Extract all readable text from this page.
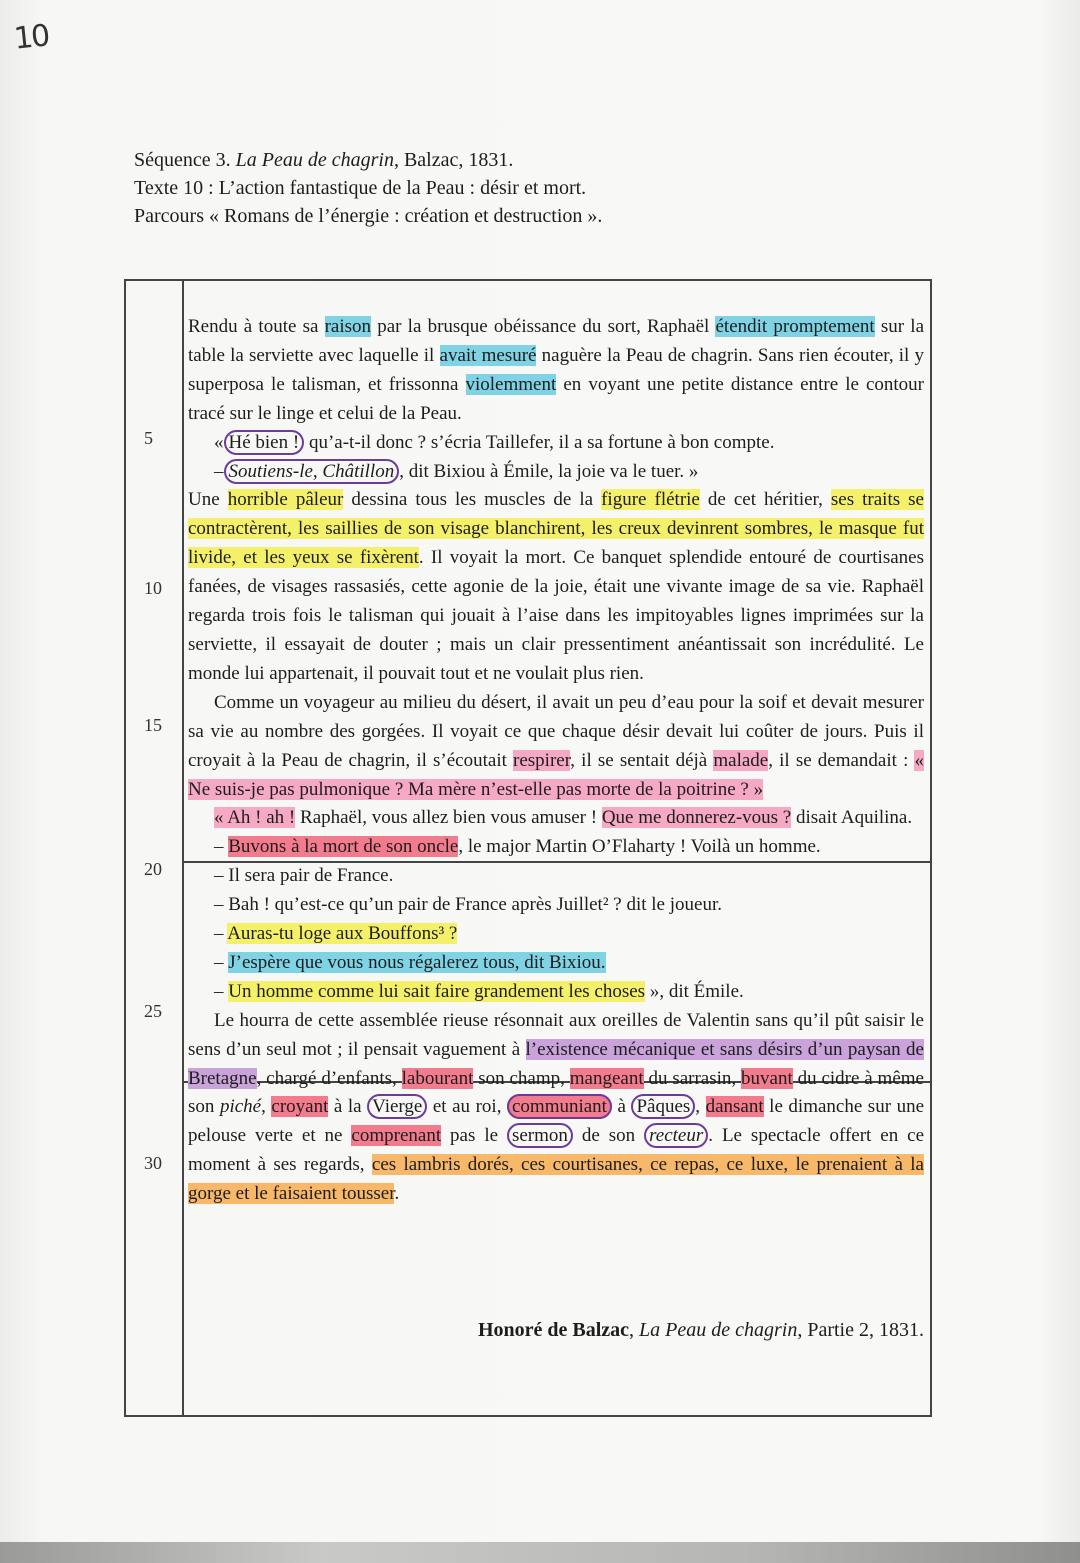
10
Séquence 3. La Peau de chagrin, Balzac, 1831.
Texte 10 : L’action fantastique de la Peau : désir et mort.
Parcours « Romans de l’énergie : création et destruction ».
5
10
15
20
25
30

Rendu à toute sa raison par la brusque obéissance du sort, Raphaël étendit promptement sur la table la serviette avec laquelle il avait mesuré naguère la Peau de chagrin. Sans rien écouter, il y superposa le talisman, et frissonna violemment en voyant une petite distance entre le contour tracé sur le linge et celui de la Peau.

« Hé bien ! qu’a-t-il donc ? s’écria Taillefer, il a sa fortune à bon compte.

– Soutiens-le, Châtillon , dit Bixiou à Émile, la joie va le tuer. »

Une horrible pâleur dessina tous les muscles de la figure flétrie de cet héritier, ses traits se contractèrent, les saillies de son visage blanchirent, les creux devinrent sombres, le masque fut livide, et les yeux se fixèrent. Il voyait la mort. Ce banquet splendide entouré de courtisanes fanées, de visages rassasiés, cette agonie de la joie, était une vivante image de sa vie. Raphaël regarda trois fois le talisman qui jouait à l’aise dans les impitoyables lignes imprimées sur la serviette, il essayait de douter ; mais un clair pressentiment anéantissait son incrédulité. Le monde lui appartenait, il pouvait tout et ne voulait plus rien.

Comme un voyageur au milieu du désert, il avait un peu d’eau pour la soif et devait mesurer sa vie au nombre des gorgées. Il voyait ce que chaque désir devait lui coûter de jours. Puis il croyait à la Peau de chagrin, il s’écoutait respirer, il se sentait déjà malade, il se demandait : « Ne suis-je pas pulmonique ? Ma mère n’est-elle pas morte de la poitrine ? »

« Ah ! ah ! Raphaël, vous allez bien vous amuser ! Que me donnerez-vous ? disait Aquilina.

– Buvons à la mort de son oncle, le major Martin O’Flaharty ! Voilà un homme.

– Il sera pair de France.

– Bah ! qu’est-ce qu’un pair de France après Juillet² ? dit le joueur.

– Auras-tu loge aux Bouffons³ ?

– J’espère que vous nous régalerez tous, dit Bixiou.

– Un homme comme lui sait faire grandement les choses », dit Émile.

Le hourra de cette assemblée rieuse résonnait aux oreilles de Valentin sans qu’il pût saisir le sens d’un seul mot ; il pensait vaguement à l’existence mécanique et sans désirs d’un paysan de Bretagne, chargé d’enfants, labourant son champ, mangeant du sarrasin, buvant du cidre à même son piché, croyant à la Vierge et au roi, communiant à Pâques , dansant le dimanche sur une pelouse verte et ne comprenant pas le sermon de son recteur . Le spectacle offert en ce moment à ses regards, ces lambris dorés, ces courtisanes, ce repas, ce luxe, le prenaient à la gorge et le faisaient tousser.

Honoré de Balzac, La Peau de chagrin, Partie 2, 1831.
